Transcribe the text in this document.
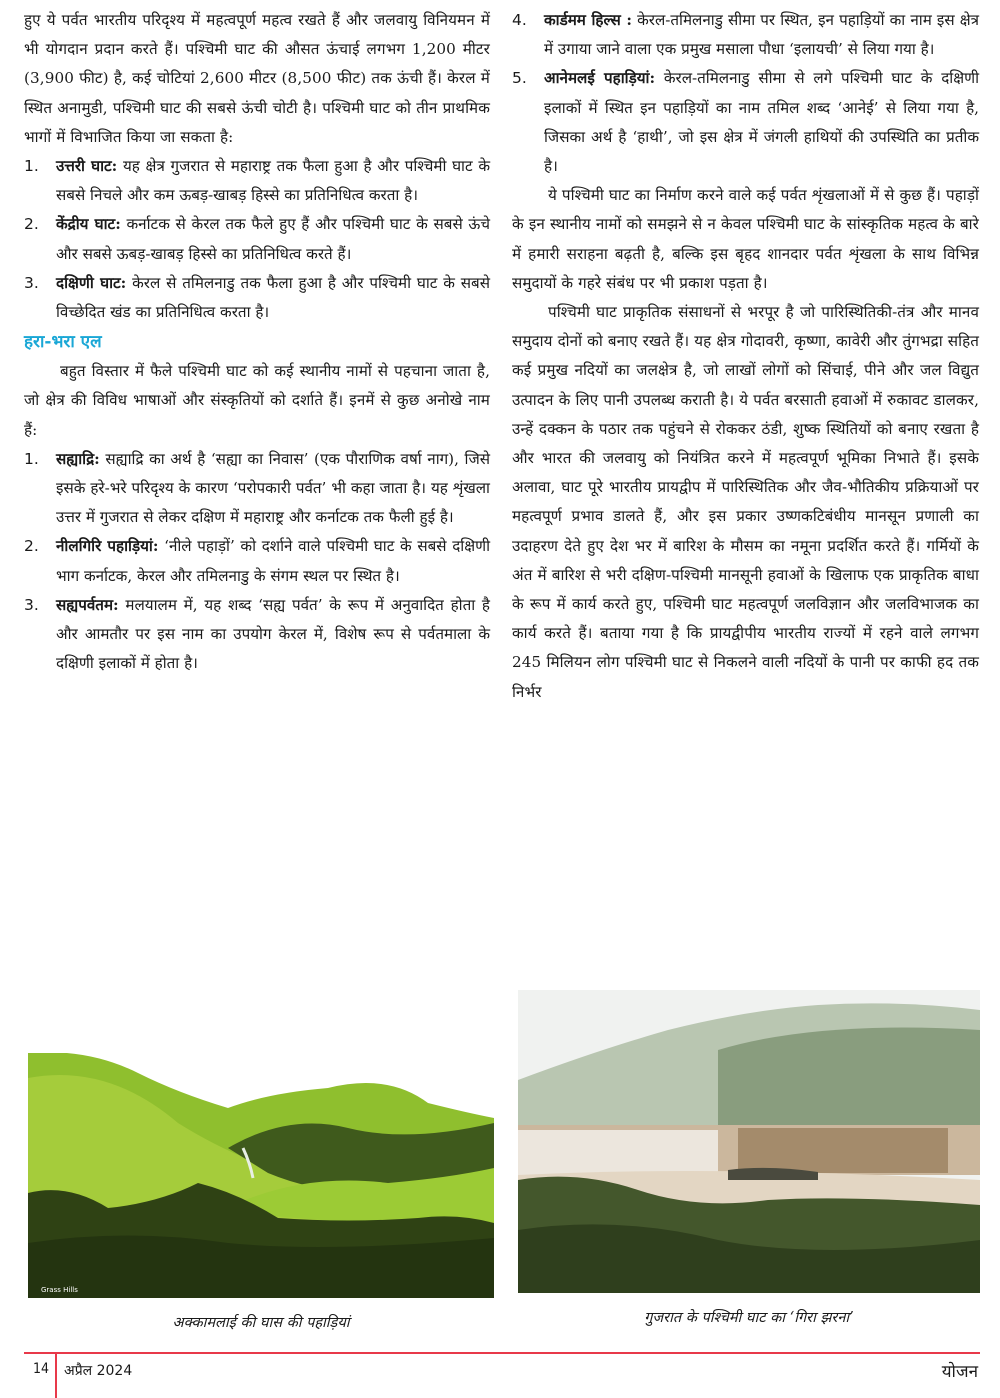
हुए ये पर्वत भारतीय परिदृश्य में महत्वपूर्ण महत्व रखते हैं और जलवायु विनियमन में भी योगदान प्रदान करते हैं। पश्चिमी घाट की औसत ऊंचाई लगभग 1,200 मीटर (3,900 फीट) है, कई चोटियां 2,600 मीटर (8,500 फीट) तक ऊंची हैं। केरल में स्थित अनामुडी, पश्चिमी घाट की सबसे ऊंची चोटी है। पश्चिमी घाट को तीन प्राथमिक भागों में विभाजित किया जा सकता है:

1.	उत्तरी घाट: यह क्षेत्र गुजरात से महाराष्ट्र तक फैला हुआ है और पश्चिमी घाट के सबसे निचले और कम ऊबड़-खाबड़ हिस्से का प्रतिनिधित्व करता है।
2.	केंद्रीय घाट: कर्नाटक से केरल तक फैले हुए हैं और पश्चिमी घाट के सबसे ऊंचे और सबसे ऊबड़-खाबड़ हिस्से का प्रतिनिधित्व करते हैं।
3.	दक्षिणी घाट: केरल से तमिलनाडु तक फैला हुआ है और पश्चिमी घाट के सबसे विच्छेदित खंड का प्रतिनिधित्व करता है।
हरा-भरा एल

बहुत विस्तार में फैले पश्चिमी घाट को कई स्थानीय नामों से पहचाना जाता है, जो क्षेत्र की विविध भाषाओं और संस्कृतियों को दर्शाते हैं। इनमें से कुछ अनोखे नाम हैं:

1.	सह्याद्रि: सह्याद्रि का अर्थ है ‘सह्या का निवास’ (एक पौराणिक वर्षा नाग), जिसे इसके हरे-भरे परिदृश्य के कारण ‘परोपकारी पर्वत’ भी कहा जाता है। यह शृंखला उत्तर में गुजरात से लेकर दक्षिण में महाराष्ट्र और कर्नाटक तक फैली हुई है।
2.	नीलगिरि पहाड़ियां: ‘नीले पहाड़ों’ को दर्शाने वाले पश्चिमी घाट के सबसे दक्षिणी भाग कर्नाटक, केरल और तमिलनाडु के संगम स्थल पर स्थित है।
3.	सह्यपर्वतम: मलयालम में, यह शब्द ‘सह्य पर्वत’ के रूप में अनुवादित होता है और आमतौर पर इस नाम का उपयोग केरल में, विशेष रूप से पर्वतमाला के दक्षिणी इलाकों में होता है।
4.	कार्डमम हिल्स : केरल-तमिलनाडु सीमा पर स्थित, इन पहाड़ियों का नाम इस क्षेत्र में उगाया जाने वाला एक प्रमुख मसाला पौधा ‘इलायची’ से लिया गया है।
5.	आनेमलई पहाड़ियां: केरल-तमिलनाडु सीमा से लगे पश्चिमी घाट के दक्षिणी इलाकों में स्थित इन पहाड़ियों का नाम तमिल शब्द ‘आनेई’ से लिया गया है, जिसका अर्थ है ‘हाथी’, जो इस क्षेत्र में जंगली हाथियों की उपस्थिति का प्रतीक है।

ये पश्चिमी घाट का निर्माण करने वाले कई पर्वत शृंखलाओं में से कुछ हैं। पहाड़ों के इन स्थानीय नामों को समझने से न केवल पश्चिमी घाट के सांस्कृतिक महत्व के बारे में हमारी सराहना बढ़ती है, बल्कि इस बृहद शानदार पर्वत शृंखला के साथ विभिन्न समुदायों के गहरे संबंध पर भी प्रकाश पड़ता है।

पश्चिमी घाट प्राकृतिक संसाधनों से भरपूर है जो पारिस्थितिकी-तंत्र और मानव समुदाय दोनों को बनाए रखते हैं। यह क्षेत्र गोदावरी, कृष्णा, कावेरी और तुंगभद्रा सहित कई प्रमुख नदियों का जलक्षेत्र है, जो लाखों लोगों को सिंचाई, पीने और जल विद्युत उत्पादन के लिए पानी उपलब्ध कराती है। ये पर्वत बरसाती हवाओं में रुकावट डालकर, उन्हें दक्कन के पठार तक पहुंचने से रोककर ठंडी, शुष्क स्थितियों को बनाए रखता है और भारत की जलवायु को नियंत्रित करने में महत्वपूर्ण भूमिका निभाते हैं। इसके अलावा, घाट पूरे भारतीय प्रायद्वीप में पारिस्थितिक और जैव-भौतिकीय प्रक्रियाओं पर महत्वपूर्ण प्रभाव डालते हैं, और इस प्रकार उष्णकटिबंधीय मानसून प्रणाली का उदाहरण देते हुए देश भर में बारिश के मौसम का नमूना प्रदर्शित करते हैं। गर्मियों के अंत में बारिश से भरी दक्षिण-पश्चिमी मानसूनी हवाओं के खिलाफ एक प्राकृतिक बाधा के रूप में कार्य करते हुए, पश्चिमी घाट महत्वपूर्ण जलविज्ञान और जलविभाजक का कार्य करते हैं। बताया गया है कि प्रायद्वीपीय भारतीय राज्यों में रहने वाले लगभग 245 मिलियन लोग पश्चिमी घाट से निकलने वाली नदियों के पानी पर काफी हद तक निर्भर

Grass Hills
अक्कामलाई की घास की पहाड़ियां	गुजरात के पश्चिमी घाट का ‘गिरा झरना’
14 अप्रैल 2024	योजन
